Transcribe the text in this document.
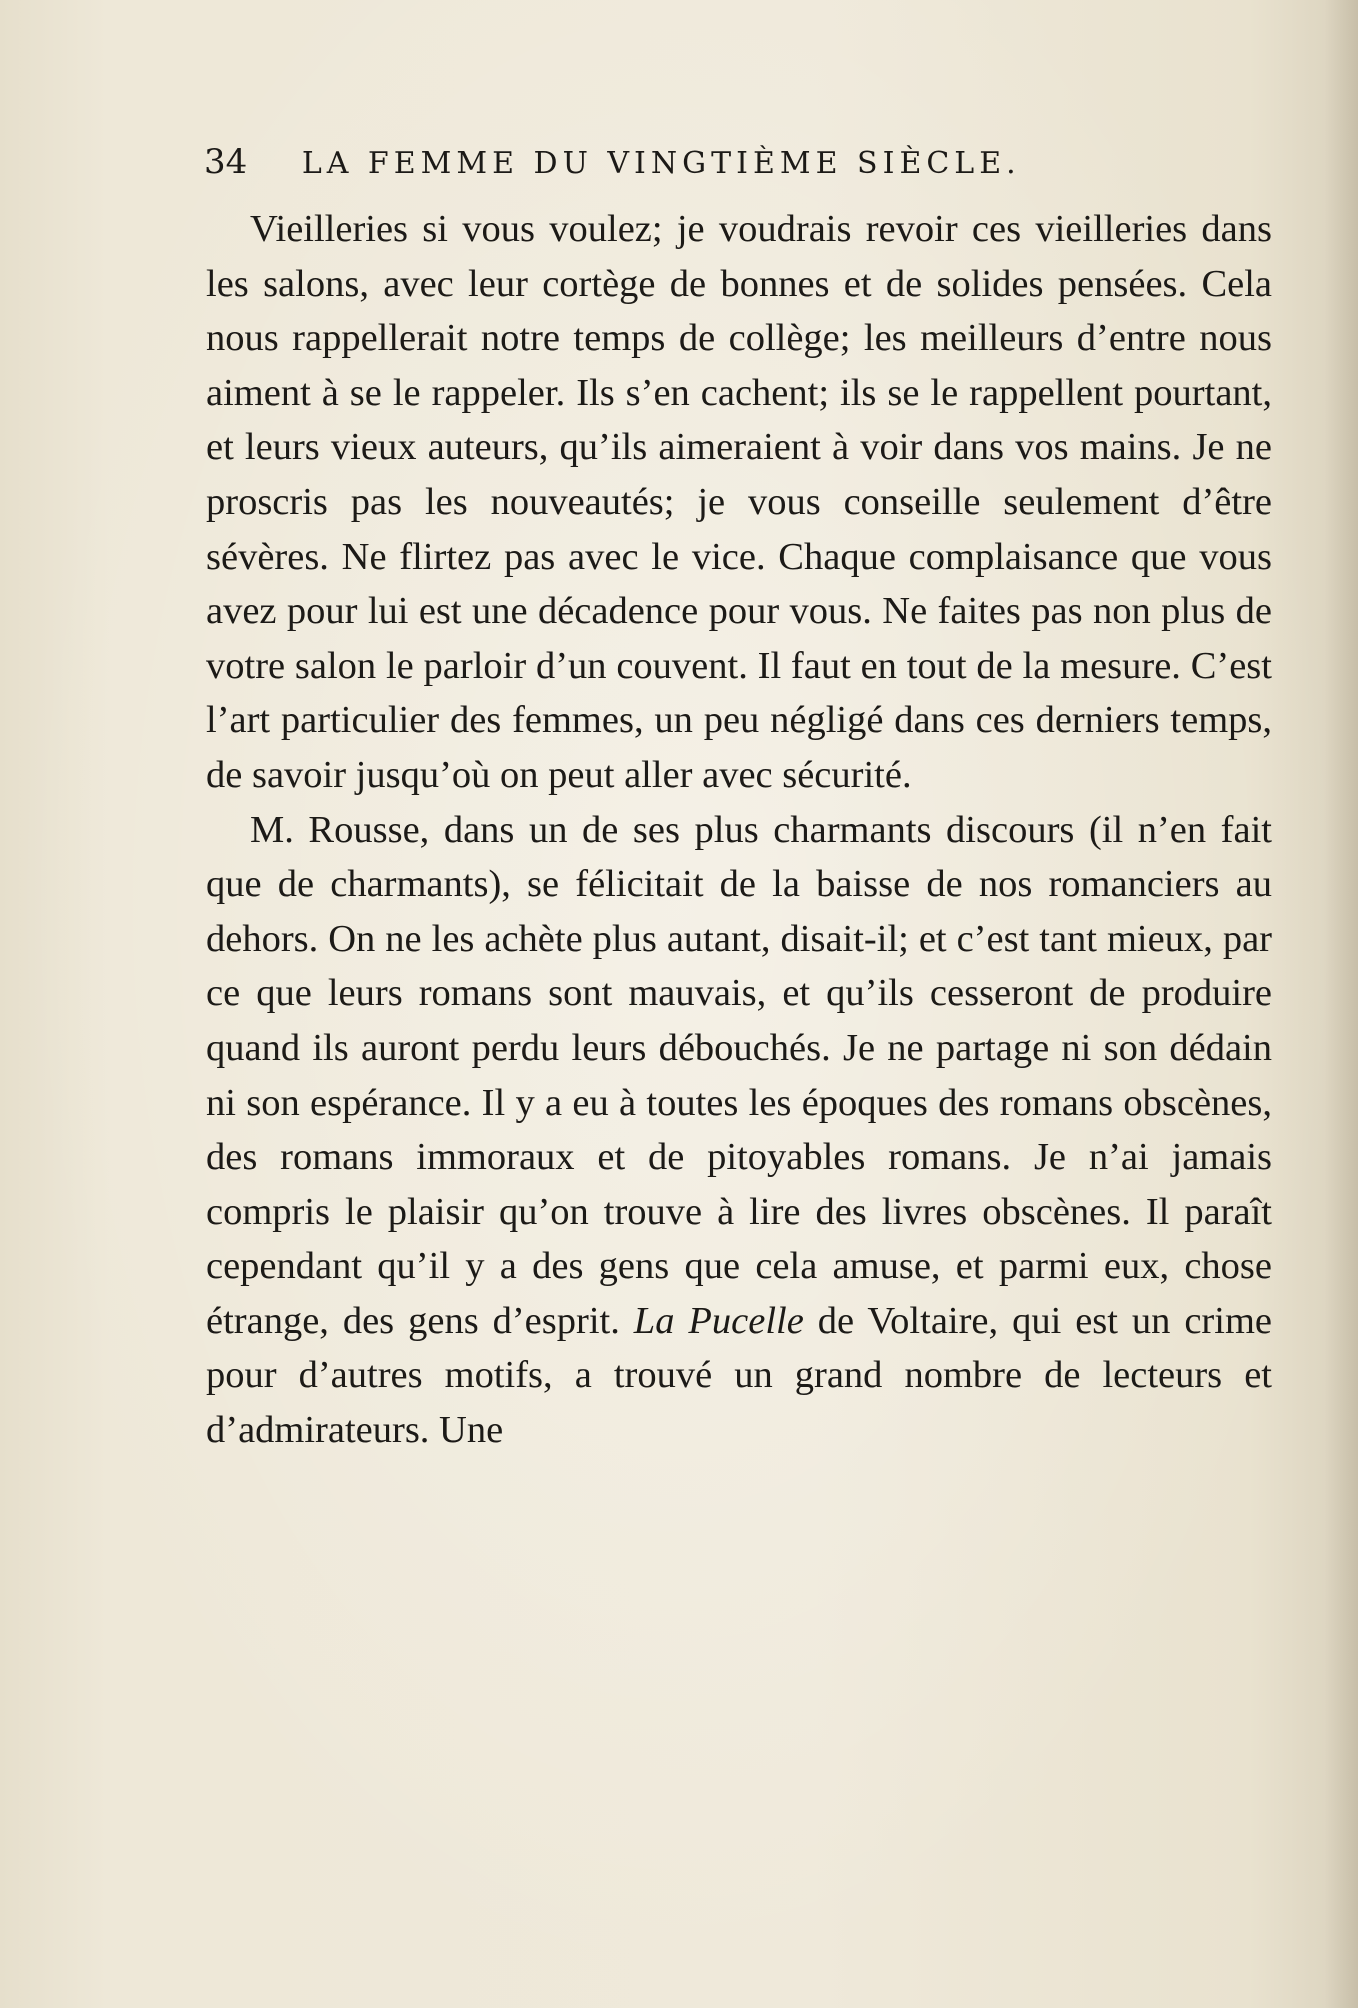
34 LA FEMME DU VINGTIÈME SIÈCLE.

Vieilleries si vous voulez; je voudrais revoir ces vieilleries dans les salons, avec leur cortège de bonnes et de solides pensées. Cela nous rappellerait notre temps de collège; les meilleurs d’entre nous aiment à se le rappeler. Ils s’en cachent; ils se le rappellent pourtant, et leurs vieux auteurs, qu’ils aimeraient à voir dans vos mains. Je ne proscris pas les nouveautés; je vous conseille seulement d’être sévères. Ne flirtez pas avec le vice. Chaque complaisance que vous avez pour lui est une décadence pour vous. Ne faites pas non plus de votre salon le parloir d’un couvent. Il faut en tout de la mesure. C’est l’art particulier des femmes, un peu négligé dans ces derniers temps, de savoir jusqu’où on peut aller avec sécurité.

M. Rousse, dans un de ses plus charmants discours (il n’en fait que de charmants), se félicitait de la baisse de nos romanciers au dehors. On ne les achète plus autant, disait-il; et c’est tant mieux, par ce que leurs romans sont mauvais, et qu’ils cesseront de produire quand ils auront perdu leurs débouchés. Je ne partage ni son dédain ni son espérance. Il y a eu à toutes les époques des romans obscènes, des romans immoraux et de pitoyables romans. Je n’ai jamais compris le plaisir qu’on trouve à lire des livres obscènes. Il paraît cependant qu’il y a des gens que cela amuse, et parmi eux, chose étrange, des gens d’esprit. La Pucelle de Voltaire, qui est un crime pour d’autres motifs, a trouvé un grand nombre de lecteurs et d’admirateurs. Une
